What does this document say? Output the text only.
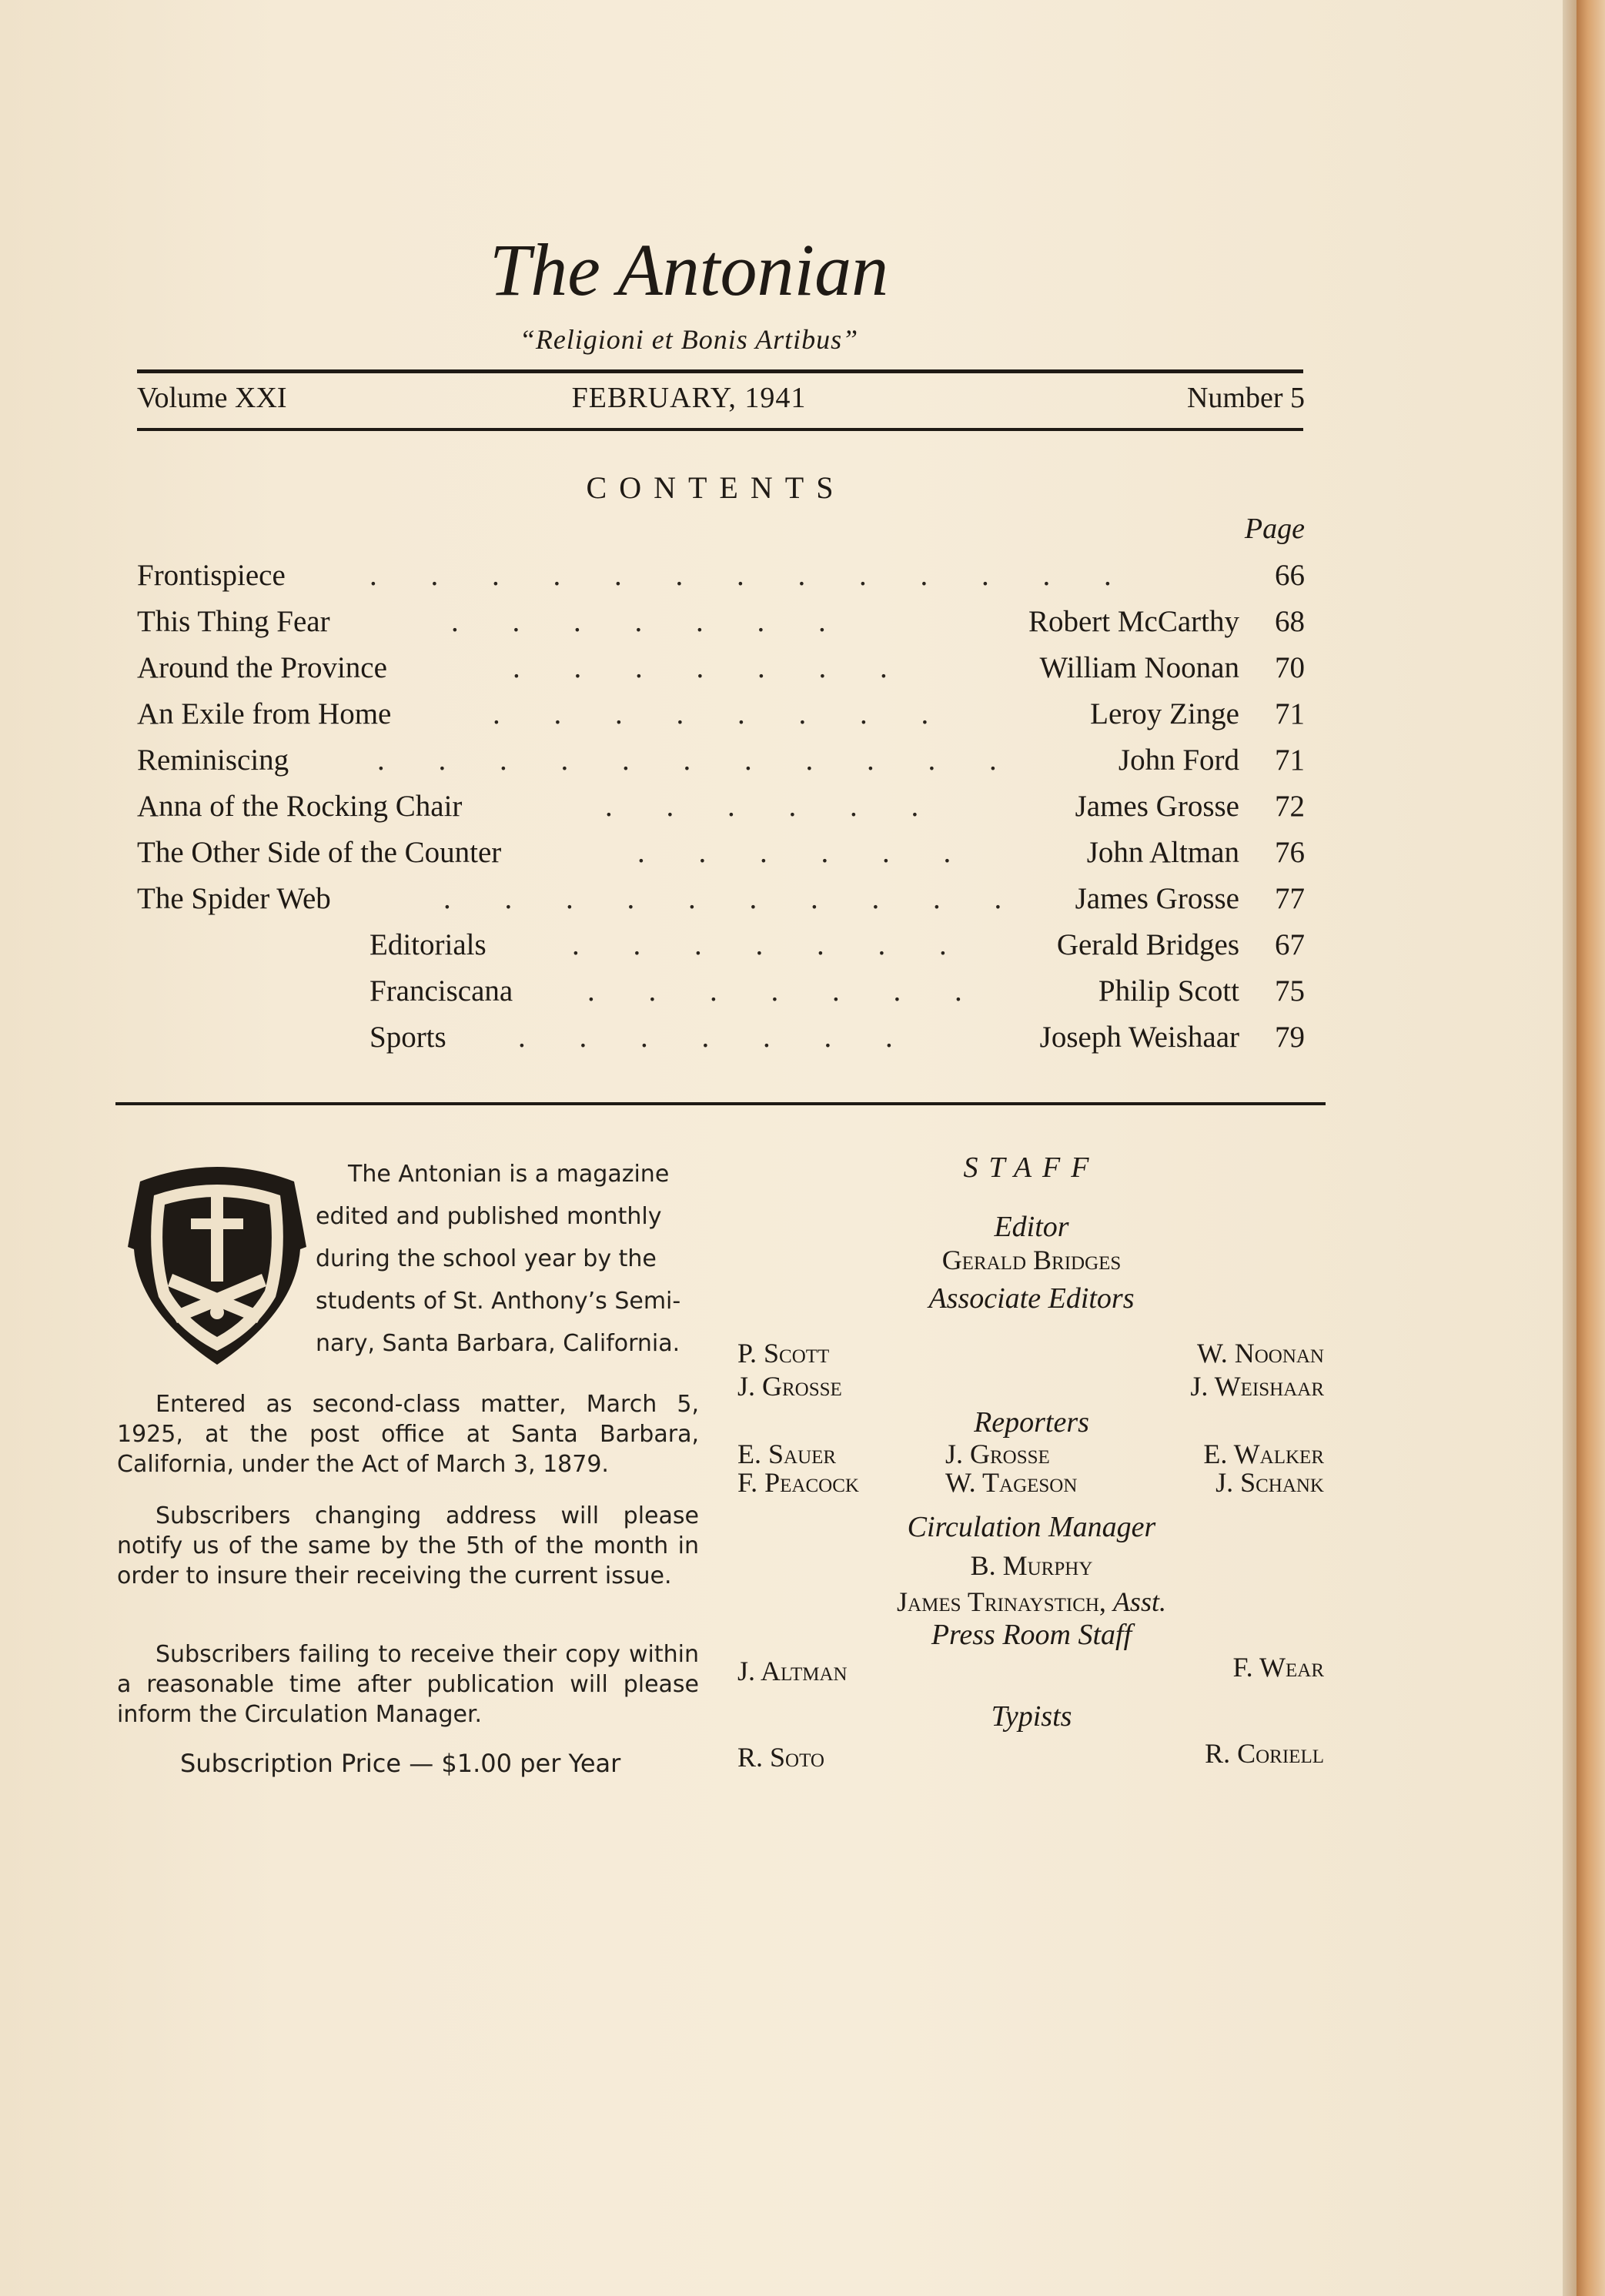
The Antonian
“Religioni et Bonis Artibus”
Volume XXI	FEBRUARY, 1941	Number 5
CONTENTS
Page
Frontispiece	. . . . . . . . . . . . .	66
This Thing Fear	. . . . . . .	Robert McCarthy	68
Around the Province	. . . . . . .	William Noonan	70
An Exile from Home	. . . . . . . .	Leroy Zinge	71
Reminiscing	. . . . . . . . . . .	John Ford	71
Anna of the Rocking Chair	. . . . . .	James Grosse	72
The Other Side of the Counter	. . . . . .	John Altman	76
The Spider Web	. . . . . . . . . . James Grosse	77
Editorials	. . . . . . .	Gerald Bridges	67
Franciscana . . . . . . .	Philip Scott	75
Sports . . . . . . .	Joseph Weishaar	79
The Antonian is a magazine
edited and published monthly
during the school year by the
students of St. Anthony’s Semi-
nary, Santa Barbara, California.
Entered as second-class matter, March 5, 1925, at the post office at Santa Barbara, California, under the Act of March 3, 1879.
Subscribers changing address will please notify us of the same by the 5th of the month in order to insure their receiving the current issue.
Subscribers failing to receive their copy within a reasonable time after publication will please inform the Circulation Manager.
Subscription Price — $1.00 per Year
STAFF
Editor
Gerald Bridges
Associate Editors
P. Scott	W. Noonan
J. Grosse	J. Weishaar
Reporters
E. Sauer	J. Grosse	E. Walker
F. Peacock	W. Tageson	J. Schank
Circulation Manager
B. Murphy
James Trinaystich, Asst.
Press Room Staff
J. Altman	F. Wear
Typists
R. Soto	R. Coriell
